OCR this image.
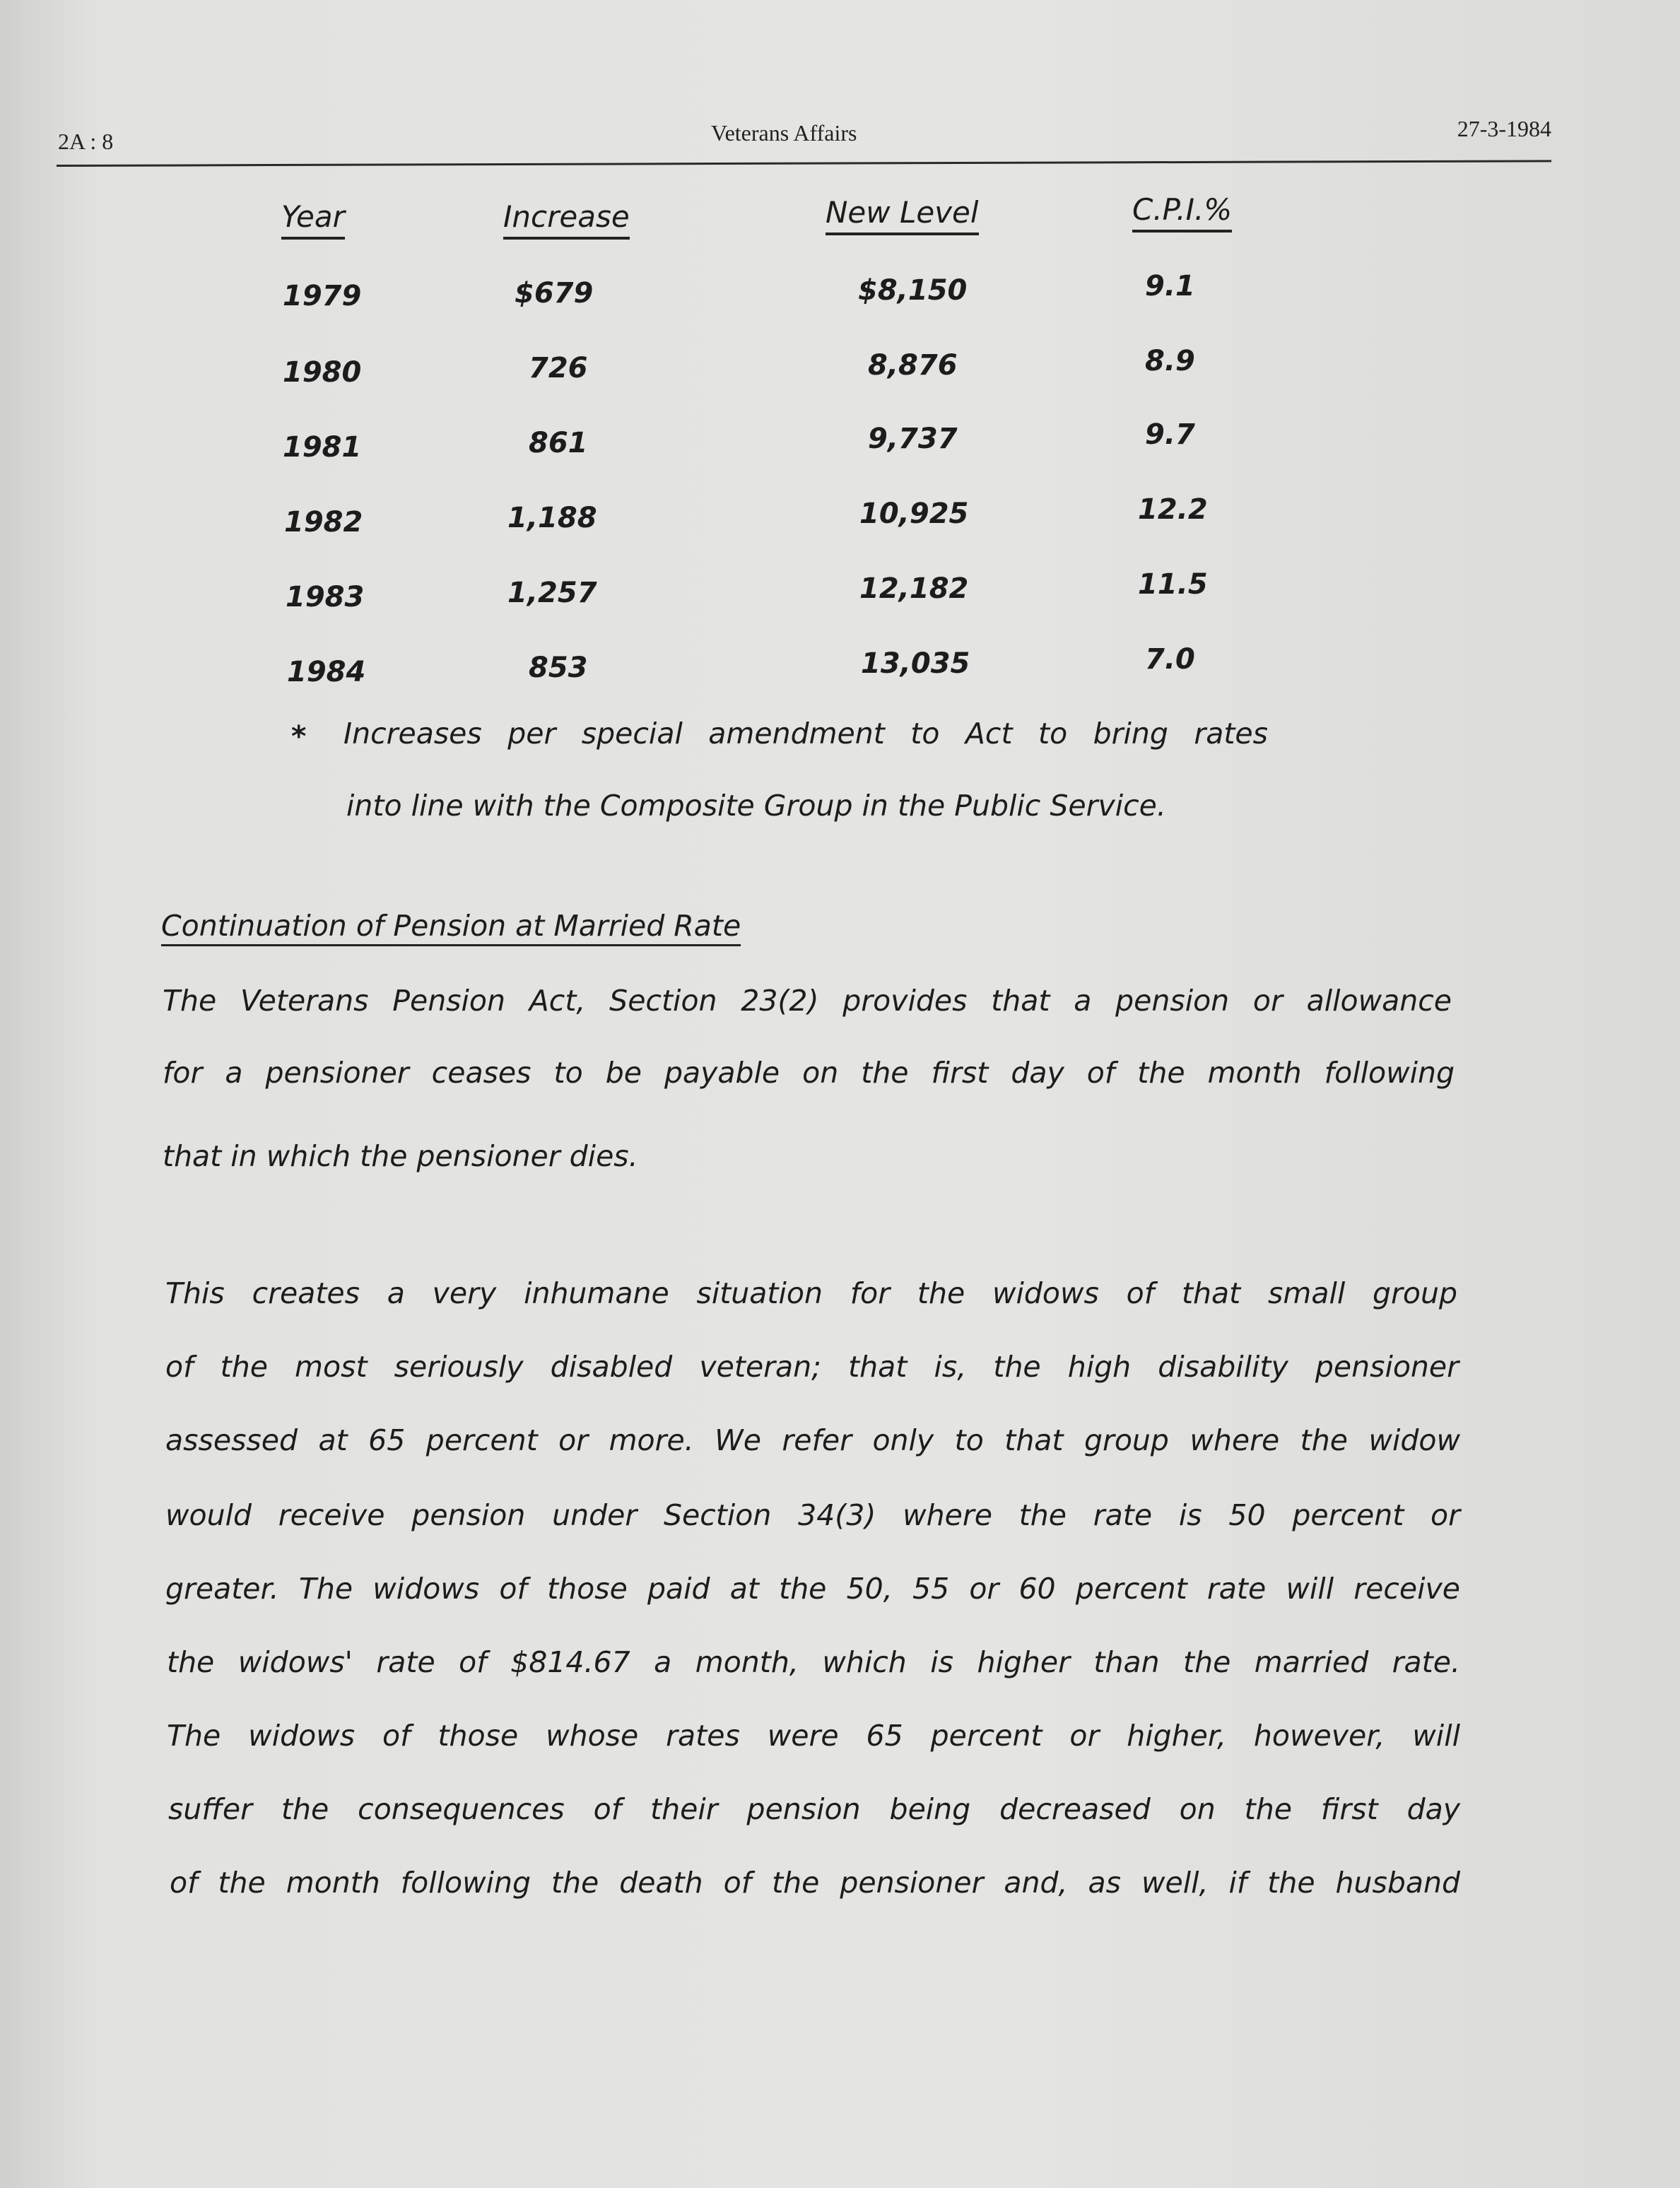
2A : 8	Veterans Affairs	27-3-1984
Year	Increase	New Level	C.P.I.%
1979	$679	$8,150	9.1
1980	726	8,876	8.9
1981	861	9,737	9.7
1982	1,188	10,925	12.2
1983	1,257	12,182	11.5
1984	853	13,035	7.0
* Increases per special amendment to Act to bring rates
into line with the Composite Group in the Public Service.
Continuation of Pension at Married Rate
The Veterans Pension Act, Section 23(2) provides that a pension or allowance
for a pensioner ceases to be payable on the first day of the month following
that in which the pensioner dies.
This creates a very inhumane situation for the widows of that small group
of the most seriously disabled veteran; that is, the high disability pensioner
assessed at 65 percent or more. We refer only to that group where the widow
would receive pension under Section 34(3) where the rate is 50 percent or
greater. The widows of those paid at the 50, 55 or 60 percent rate will receive
the widows' rate of $814.67 a month, which is higher than the married rate.
The widows of those whose rates were 65 percent or higher, however, will
suffer the consequences of their pension being decreased on the first day
of the month following the death of the pensioner and, as well, if the husband
